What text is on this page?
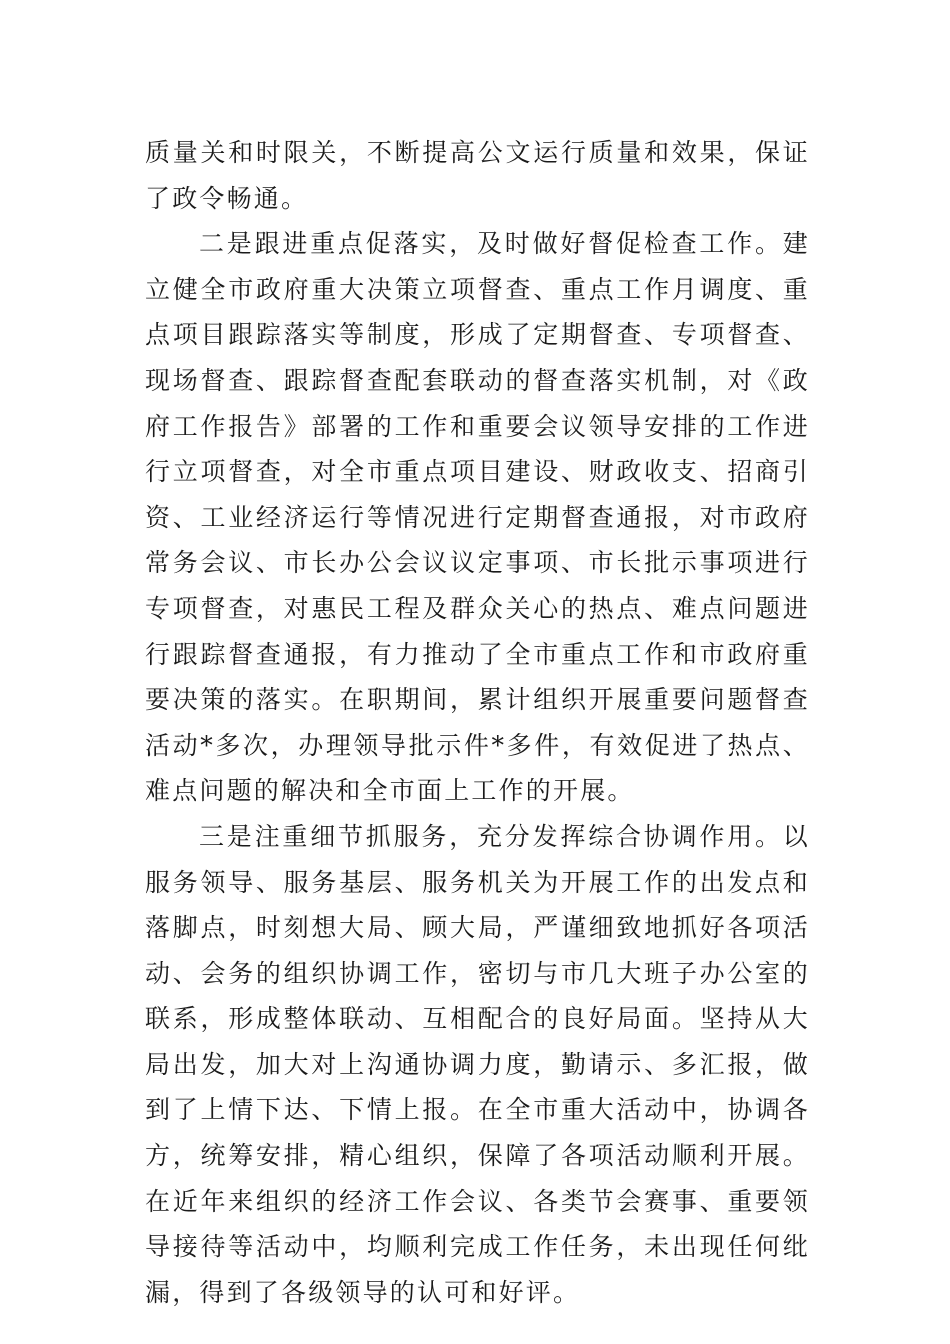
质量关和时限关，不断提高公文运行质量和效果，保证了政令畅通。

二是跟进重点促落实，及时做好督促检查工作。建立健全市政府重大决策立项督查、重点工作月调度、重点项目跟踪落实等制度，形成了定期督查、专项督查、现场督查、跟踪督查配套联动的督查落实机制，对《政府工作报告》部署的工作和重要会议领导安排的工作进行立项督查，对全市重点项目建设、财政收支、招商引资、工业经济运行等情况进行定期督查通报，对市政府常务会议、市长办公会议议定事项、市长批示事项进行专项督查，对惠民工程及群众关心的热点、难点问题进行跟踪督查通报，有力推动了全市重点工作和市政府重要决策的落实。在职期间，累计组织开展重要问题督查活动*多次，办理领导批示件*多件，有效促进了热点、难点问题的解决和全市面上工作的开展。

三是注重细节抓服务，充分发挥综合协调作用。以服务领导、服务基层、服务机关为开展工作的出发点和落脚点，时刻想大局、顾大局，严谨细致地抓好各项活动、会务的组织协调工作，密切与市几大班子办公室的联系，形成整体联动、互相配合的良好局面。坚持从大局出发，加大对上沟通协调力度，勤请示、多汇报，做到了上情下达、下情上报。在全市重大活动中，协调各方，统筹安排，精心组织，保障了各项活动顺利开展。在近年来组织的经济工作会议、各类节会赛事、重要领导接待等活动中，均顺利完成工作任务，未出现任何纰漏，得到了各级领导的认可和好评。
